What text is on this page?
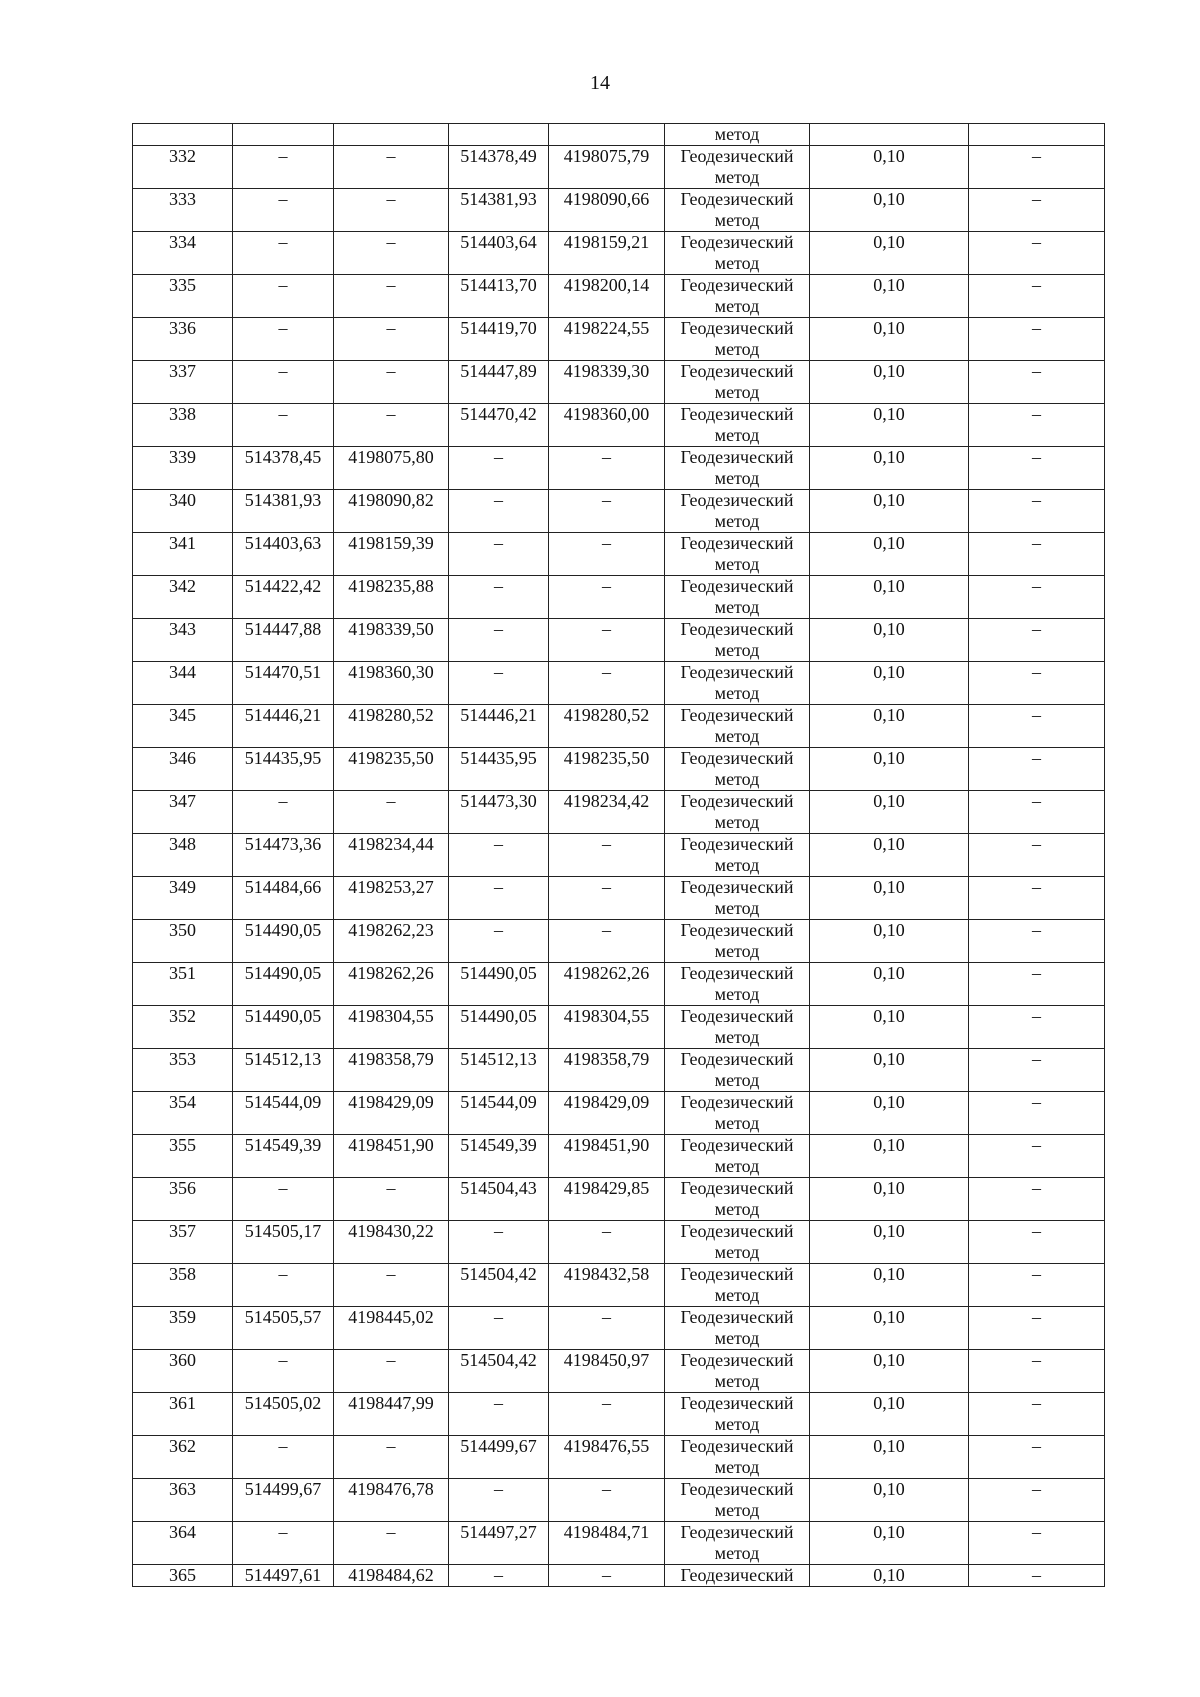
14

					метод		

332	–	–	514378,49	4198075,79	Геодезический
метод	0,10	–

333	–	–	514381,93	4198090,66	Геодезический
метод	0,10	–

334	–	–	514403,64	4198159,21	Геодезический
метод	0,10	–

335	–	–	514413,70	4198200,14	Геодезический
метод	0,10	–

336	–	–	514419,70	4198224,55	Геодезический
метод	0,10	–

337	–	–	514447,89	4198339,30	Геодезический
метод	0,10	–

338	–	–	514470,42	4198360,00	Геодезический
метод	0,10	–

339	514378,45	4198075,80	–	–	Геодезический
метод	0,10	–

340	514381,93	4198090,82	–	–	Геодезический
метод	0,10	–

341	514403,63	4198159,39	–	–	Геодезический
метод	0,10	–

342	514422,42	4198235,88	–	–	Геодезический
метод	0,10	–

343	514447,88	4198339,50	–	–	Геодезический
метод	0,10	–

344	514470,51	4198360,30	–	–	Геодезический
метод	0,10	–

345	514446,21	4198280,52	514446,21	4198280,52	Геодезический
метод	0,10	–

346	514435,95	4198235,50	514435,95	4198235,50	Геодезический
метод	0,10	–

347	–	–	514473,30	4198234,42	Геодезический
метод	0,10	–

348	514473,36	4198234,44	–	–	Геодезический
метод	0,10	–

349	514484,66	4198253,27	–	–	Геодезический
метод	0,10	–

350	514490,05	4198262,23	–	–	Геодезический
метод	0,10	–

351	514490,05	4198262,26	514490,05	4198262,26	Геодезический
метод	0,10	–

352	514490,05	4198304,55	514490,05	4198304,55	Геодезический
метод	0,10	–

353	514512,13	4198358,79	514512,13	4198358,79	Геодезический
метод	0,10	–

354	514544,09	4198429,09	514544,09	4198429,09	Геодезический
метод	0,10	–

355	514549,39	4198451,90	514549,39	4198451,90	Геодезический
метод	0,10	–

356	–	–	514504,43	4198429,85	Геодезический
метод	0,10	–

357	514505,17	4198430,22	–	–	Геодезический
метод	0,10	–

358	–	–	514504,42	4198432,58	Геодезический
метод	0,10	–

359	514505,57	4198445,02	–	–	Геодезический
метод	0,10	–

360	–	–	514504,42	4198450,97	Геодезический
метод	0,10	–

361	514505,02	4198447,99	–	–	Геодезический
метод	0,10	–

362	–	–	514499,67	4198476,55	Геодезический
метод	0,10	–

363	514499,67	4198476,78	–	–	Геодезический
метод	0,10	–

364	–	–	514497,27	4198484,71	Геодезический
метод	0,10	–

365	514497,61	4198484,62	–	–	Геодезический	0,10	–
